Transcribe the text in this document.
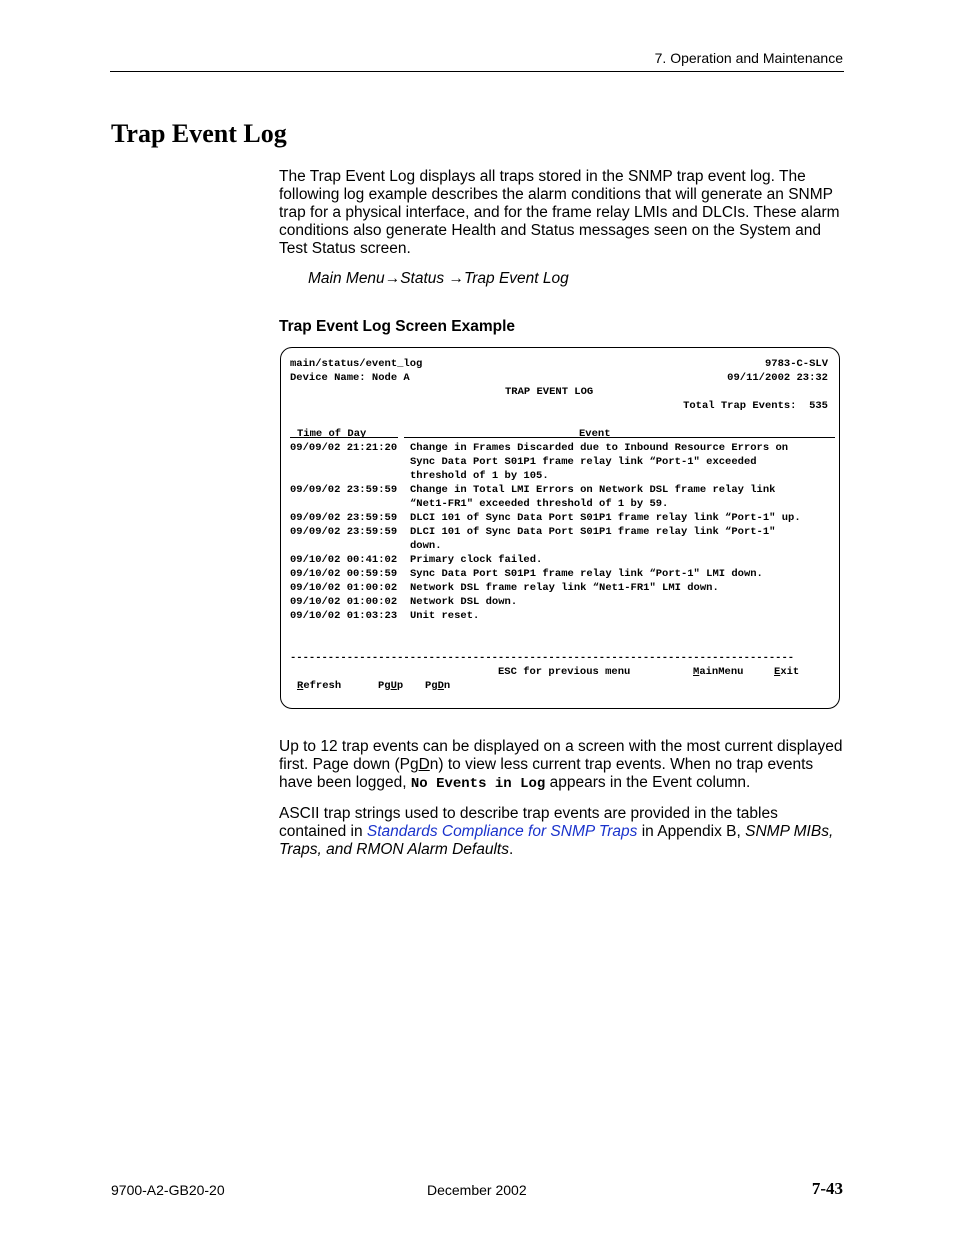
7. Operation and Maintenance
Trap Event Log
The Trap Event Log displays all traps stored in the SNMP trap event log. The following log example describes the alarm conditions that will generate an SNMP trap for a physical interface, and for the frame relay LMIs and DLCIs. These alarm conditions also generate Health and Status messages seen on the System and Test Status screen.
Main Menu→Status →Trap Event Log
Trap Event Log Screen Example
main/status/event_log	9783-C-SLV
Device Name: Node A	09/11/2002 23:32
TRAP EVENT LOG
Total Trap Events:  535
Time of Day	Event
09/09/02 21:21:20 Change in Frames Discarded due to Inbound Resource Errors on
Sync Data Port S01P1 frame relay link “Port-1" exceeded
threshold of 1 by 105.
09/09/02 23:59:59 Change in Total LMI Errors on Network DSL frame relay link
“Net1-FR1" exceeded threshold of 1 by 59.
09/09/02 23:59:59 DLCI 101 of Sync Data Port S01P1 frame relay link “Port-1" up.
09/09/02 23:59:59 DLCI 101 of Sync Data Port S01P1 frame relay link “Port-1"
down.
09/10/02 00:41:02 Primary clock failed.
09/10/02 00:59:59 Sync Data Port S01P1 frame relay link “Port-1" LMI down.
09/10/02 01:00:02 Network DSL frame relay link “Net1-FR1" LMI down.
09/10/02 01:00:02 Network DSL down.
09/10/02 01:03:23 Unit reset.
--------------------------------------------------------------------------------
ESC for previous menu	MainMenu	Exit
Refresh	PgUp PgDn
Up to 12 trap events can be displayed on a screen with the most current displayed first. Page down (PgDn) to view less current trap events. When no trap events have been logged, No Events in Log appears in the Event column.
ASCII trap strings used to describe trap events are provided in the tables contained in Standards Compliance for SNMP Traps in Appendix B, SNMP MIBs, Traps, and RMON Alarm Defaults.
9700-A2-GB20-20	December 2002	7-43
